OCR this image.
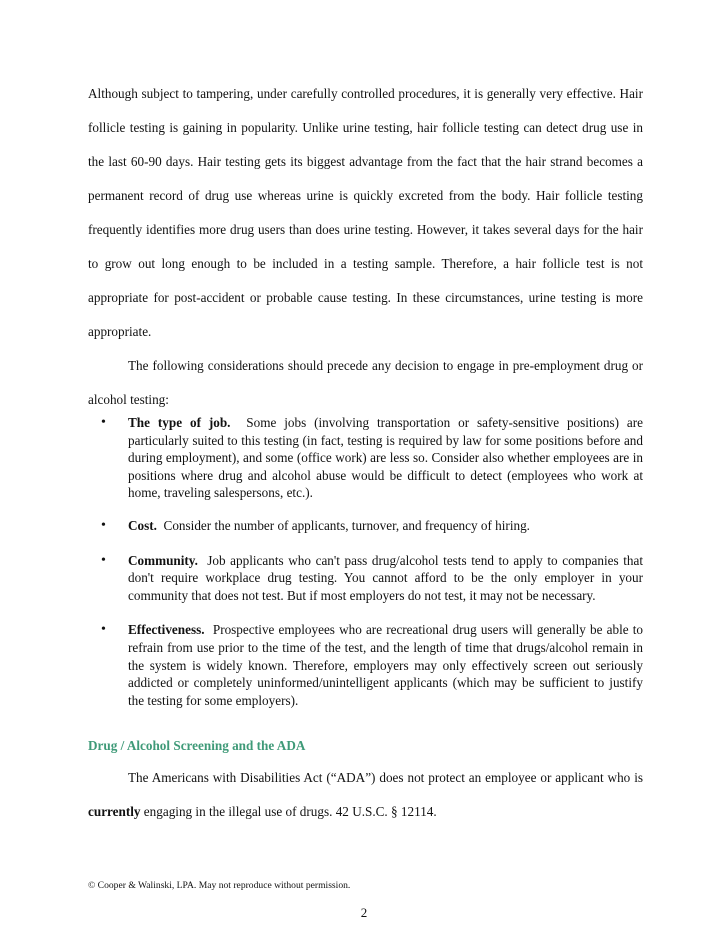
Although subject to tampering, under carefully controlled procedures, it is generally very effective. Hair follicle testing is gaining in popularity. Unlike urine testing, hair follicle testing can detect drug use in the last 60-90 days. Hair testing gets its biggest advantage from the fact that the hair strand becomes a permanent record of drug use whereas urine is quickly excreted from the body. Hair follicle testing frequently identifies more drug users than does urine testing. However, it takes several days for the hair to grow out long enough to be included in a testing sample. Therefore, a hair follicle test is not appropriate for post-accident or probable cause testing. In these circumstances, urine testing is more appropriate.

The following considerations should precede any decision to engage in pre-employment drug or alcohol testing:

• The type of job. Some jobs (involving transportation or safety-sensitive positions) are particularly suited to this testing (in fact, testing is required by law for some positions before and during employment), and some (office work) are less so. Consider also whether employees are in positions where drug and alcohol abuse would be difficult to detect (employees who work at home, traveling salespersons, etc.).
• Cost. Consider the number of applicants, turnover, and frequency of hiring.
• Community. Job applicants who can't pass drug/alcohol tests tend to apply to companies that don't require workplace drug testing. You cannot afford to be the only employer in your community that does not test. But if most employers do not test, it may not be necessary.
• Effectiveness. Prospective employees who are recreational drug users will generally be able to refrain from use prior to the time of the test, and the length of time that drugs/alcohol remain in the system is widely known. Therefore, employers may only effectively screen out seriously addicted or completely uninformed/unintelligent applicants (which may be sufficient to justify the testing for some employers).

Drug / Alcohol Screening and the ADA

The Americans with Disabilities Act (“ADA”) does not protect an employee or applicant who is currently engaging in the illegal use of drugs. 42 U.S.C. § 12114.

© Cooper & Walinski, LPA. May not reproduce without permission.

2
